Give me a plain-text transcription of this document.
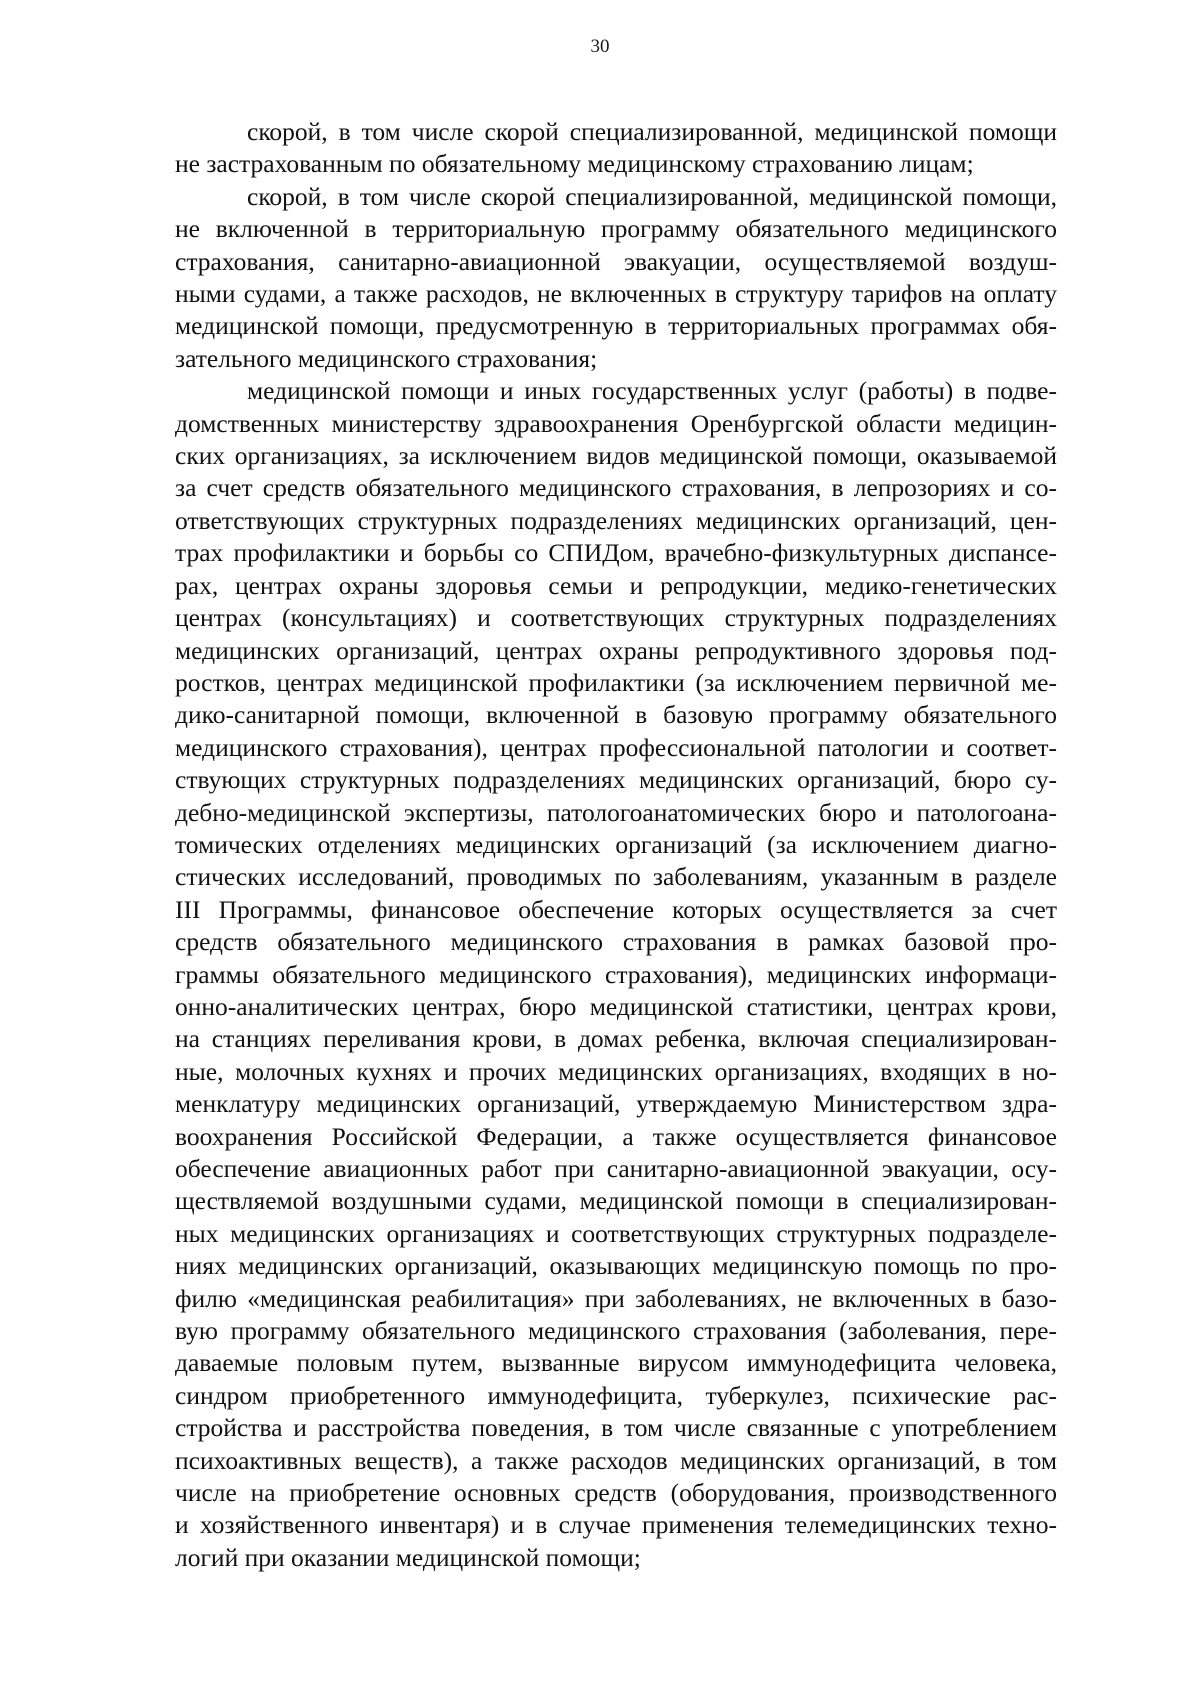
30
скорой, в том числе скорой специализированной, медицинской помощи
не застрахованным по обязательному медицинскому страхованию лицам;
скорой, в том числе скорой специализированной, медицинской помощи,
не включенной в территориальную программу обязательного медицинского
страхования, санитарно-авиационной эвакуации, осуществляемой воздуш-
ными судами, а также расходов, не включенных в структуру тарифов на оплату
медицинской помощи, предусмотренную в территориальных программах обя-
зательного медицинского страхования;
медицинской помощи и иных государственных услуг (работы) в подве-
домственных министерству здравоохранения Оренбургской области медицин-
ских организациях, за исключением видов медицинской помощи, оказываемой
за счет средств обязательного медицинского страхования, в лепрозориях и со-
ответствующих структурных подразделениях медицинских организаций, цен-
трах профилактики и борьбы со СПИДом, врачебно-физкультурных диспансе-
рах, центрах охраны здоровья семьи и репродукции, медико-генетических
центрах (консультациях) и соответствующих структурных подразделениях
медицинских организаций, центрах охраны репродуктивного здоровья под-
ростков, центрах медицинской профилактики (за исключением первичной ме-
дико-санитарной помощи, включенной в базовую программу обязательного
медицинского страхования), центрах профессиональной патологии и соответ-
ствующих структурных подразделениях медицинских организаций, бюро су-
дебно-медицинской экспертизы, патологоанатомических бюро и патологоана-
томических отделениях медицинских организаций (за исключением диагно-
стических исследований, проводимых по заболеваниям, указанным в разделе
III Программы, финансовое обеспечение которых осуществляется за счет
средств обязательного медицинского страхования в рамках базовой про-
граммы обязательного медицинского страхования), медицинских информаци-
онно-аналитических центрах, бюро медицинской статистики, центрах крови,
на станциях переливания крови, в домах ребенка, включая специализирован-
ные, молочных кухнях и прочих медицинских организациях, входящих в но-
менклатуру медицинских организаций, утверждаемую Министерством здра-
воохранения Российской Федерации, а также осуществляется финансовое
обеспечение авиационных работ при санитарно-авиационной эвакуации, осу-
ществляемой воздушными судами, медицинской помощи в специализирован-
ных медицинских организациях и соответствующих структурных подразделе-
ниях медицинских организаций, оказывающих медицинскую помощь по про-
филю «медицинская реабилитация» при заболеваниях, не включенных в базо-
вую программу обязательного медицинского страхования (заболевания, пере-
даваемые половым путем, вызванные вирусом иммунодефицита человека,
синдром приобретенного иммунодефицита, туберкулез, психические рас-
стройства и расстройства поведения, в том числе связанные с употреблением
психоактивных веществ), а также расходов медицинских организаций, в том
числе на приобретение основных средств (оборудования, производственного
и хозяйственного инвентаря) и в случае применения телемедицинских техно-
логий при оказании медицинской помощи;
